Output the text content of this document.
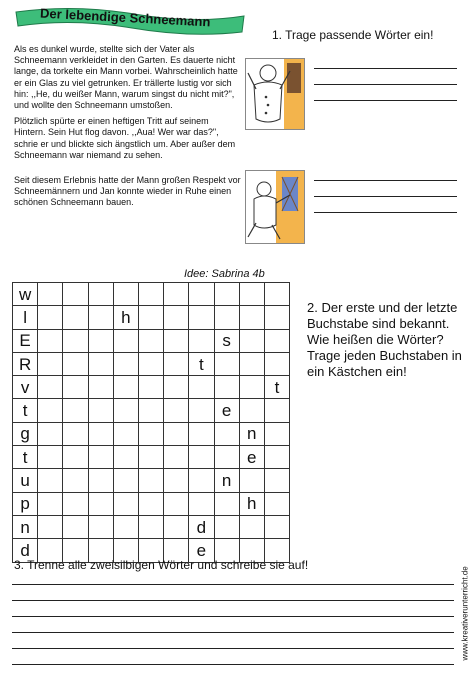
Der lebendige Schneemann

Als es dunkel wurde, stellte sich der Vater als Schneemann verkleidet in den Garten. Es dauerte nicht lange, da torkelte ein Mann vorbei. Wahrscheinlich hatte er ein Glas zu viel getrunken. Er trällerte lustig vor sich hin: ,,He, du weißer Mann, warum singst du nicht mit?", und wollte den Schneemann umstoßen.

Plötzlich spürte er einen heftigen Tritt auf seinem Hintern. Sein Hut flog davon. ,,Aua! Wer war das?", schrie er und blickte sich ängstlich um. Aber außer dem Schneemann war niemand zu sehen.

Seit diesem Erlebnis hatte der Mann großen Respekt vor Schneemännern und Jan konnte wieder in Ruhe einen schönen Schneemann bauen.

1. Trage passende Wörter ein!
Idee: Sabrina 4b
w										
l				h						
E								s		
R							t			
v										t
t								e		
g									n	
t									e	
u								n		
p									h	
n							d			
d							e			
2. Der erste und der letzte Buchstabe sind bekannt. Wie heißen die Wörter? Trage jeden Buchstaben in ein Kästchen ein!
3. Trenne alle zweisilbigen Wörter und schreibe sie auf!
www.kreativerunterricht.de
